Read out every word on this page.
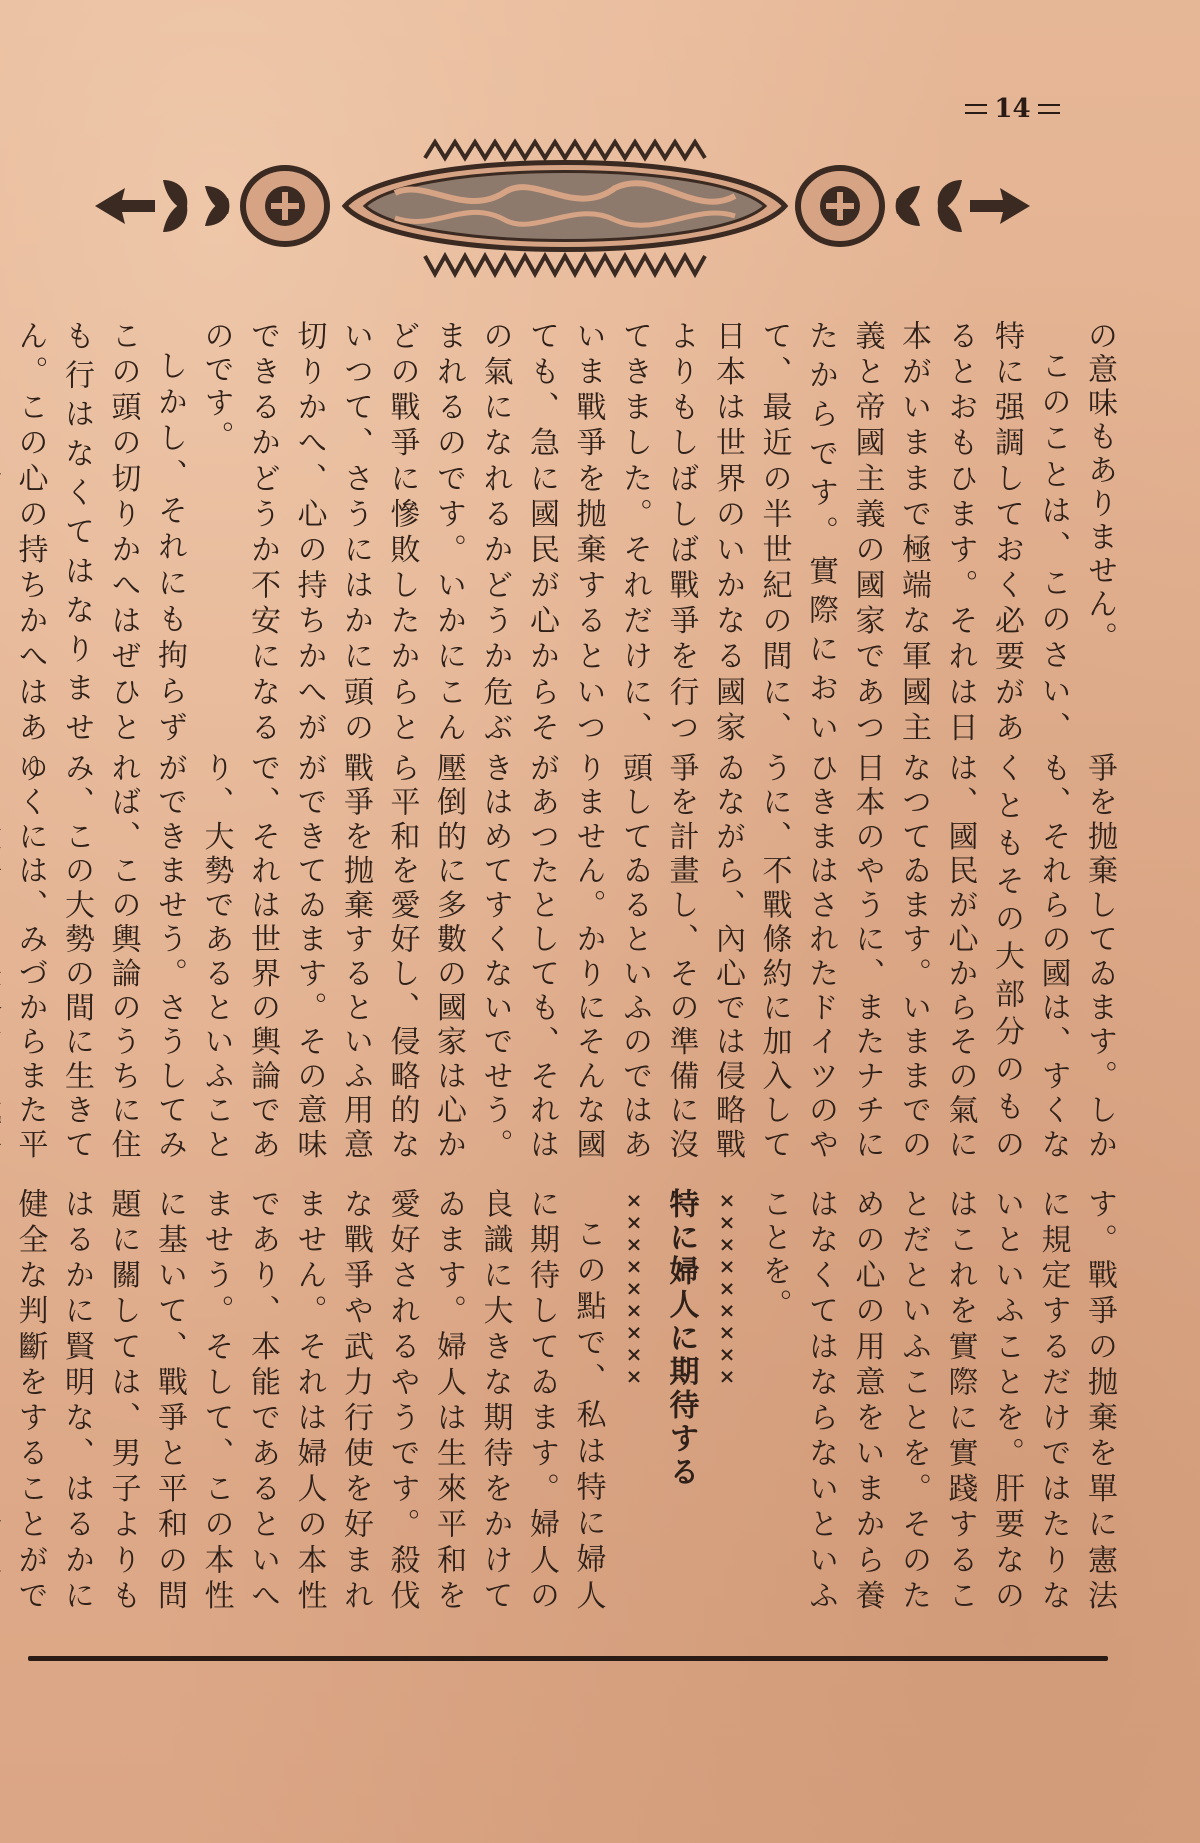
14

の意味もありません。

このことは、このさい、特に强調しておく必要があるとおもひます。それは日本がいままで極端な軍國主義と帝國主義の國家であつたからです。實際において、最近の半世紀の間に、日本は世界のいかなる國家よりもしばしば戰爭を行つてきました。それだけに、いま戰爭を抛棄するといつても、急に國民が心からその氣になれるかどうか危ぶまれるのです。いかにこんどの戰爭に慘敗したからといつて、さうにはかに頭の切りかへ、心の持ちかへができるかどうか不安になるのです。

しかし、それにも拘らずこの頭の切りかへはぜひとも行はなくてはなりません。この心の持ちかへはあ

爭を抛棄してゐます。しかも、それらの國は、すくなくともその大部分のものは、國民が心からその氣になつてゐます。いままでの日本のやうに、またナチにひきまはされたドイツのやうに、不戰條約に加入してゐながら、內心では侵略戰爭を計畫し、その準備に沒頭してゐるといふのではありません。かりにそんな國があつたとしても、それはきはめてすくないでせう。壓倒的に多數の國家は心から平和を愛好し、侵略的な戰爭を抛棄するといふ用意ができてゐます。その意味で、それは世界の輿論であり、大勢であるといふことができませう。さうしてみれば、この輿論のうちに住み、この大勢の間に生きてゆくには、みづからまた平

す。戰爭の抛棄を單に憲法に規定するだけではたりないといふことを。肝要なのはこれを實際に實踐することだといふことを。そのための心の用意をいまから養はなくてはならないといふことを。

×××××××××
特に婦人に期待する
×××××××××

この點で、私は特に婦人に期待してゐます。婦人の良識に大きな期待をかけてゐます。婦人は生來平和を愛好されるやうです。殺伐な戰爭や武力行使を好まれません。それは婦人の本性であり、本能であるといへませう。そして、この本性に基いて、戰爭と平和の問題に關しては、男子よりもはるかに賢明な、はるかに健全な判斷をすることがで
